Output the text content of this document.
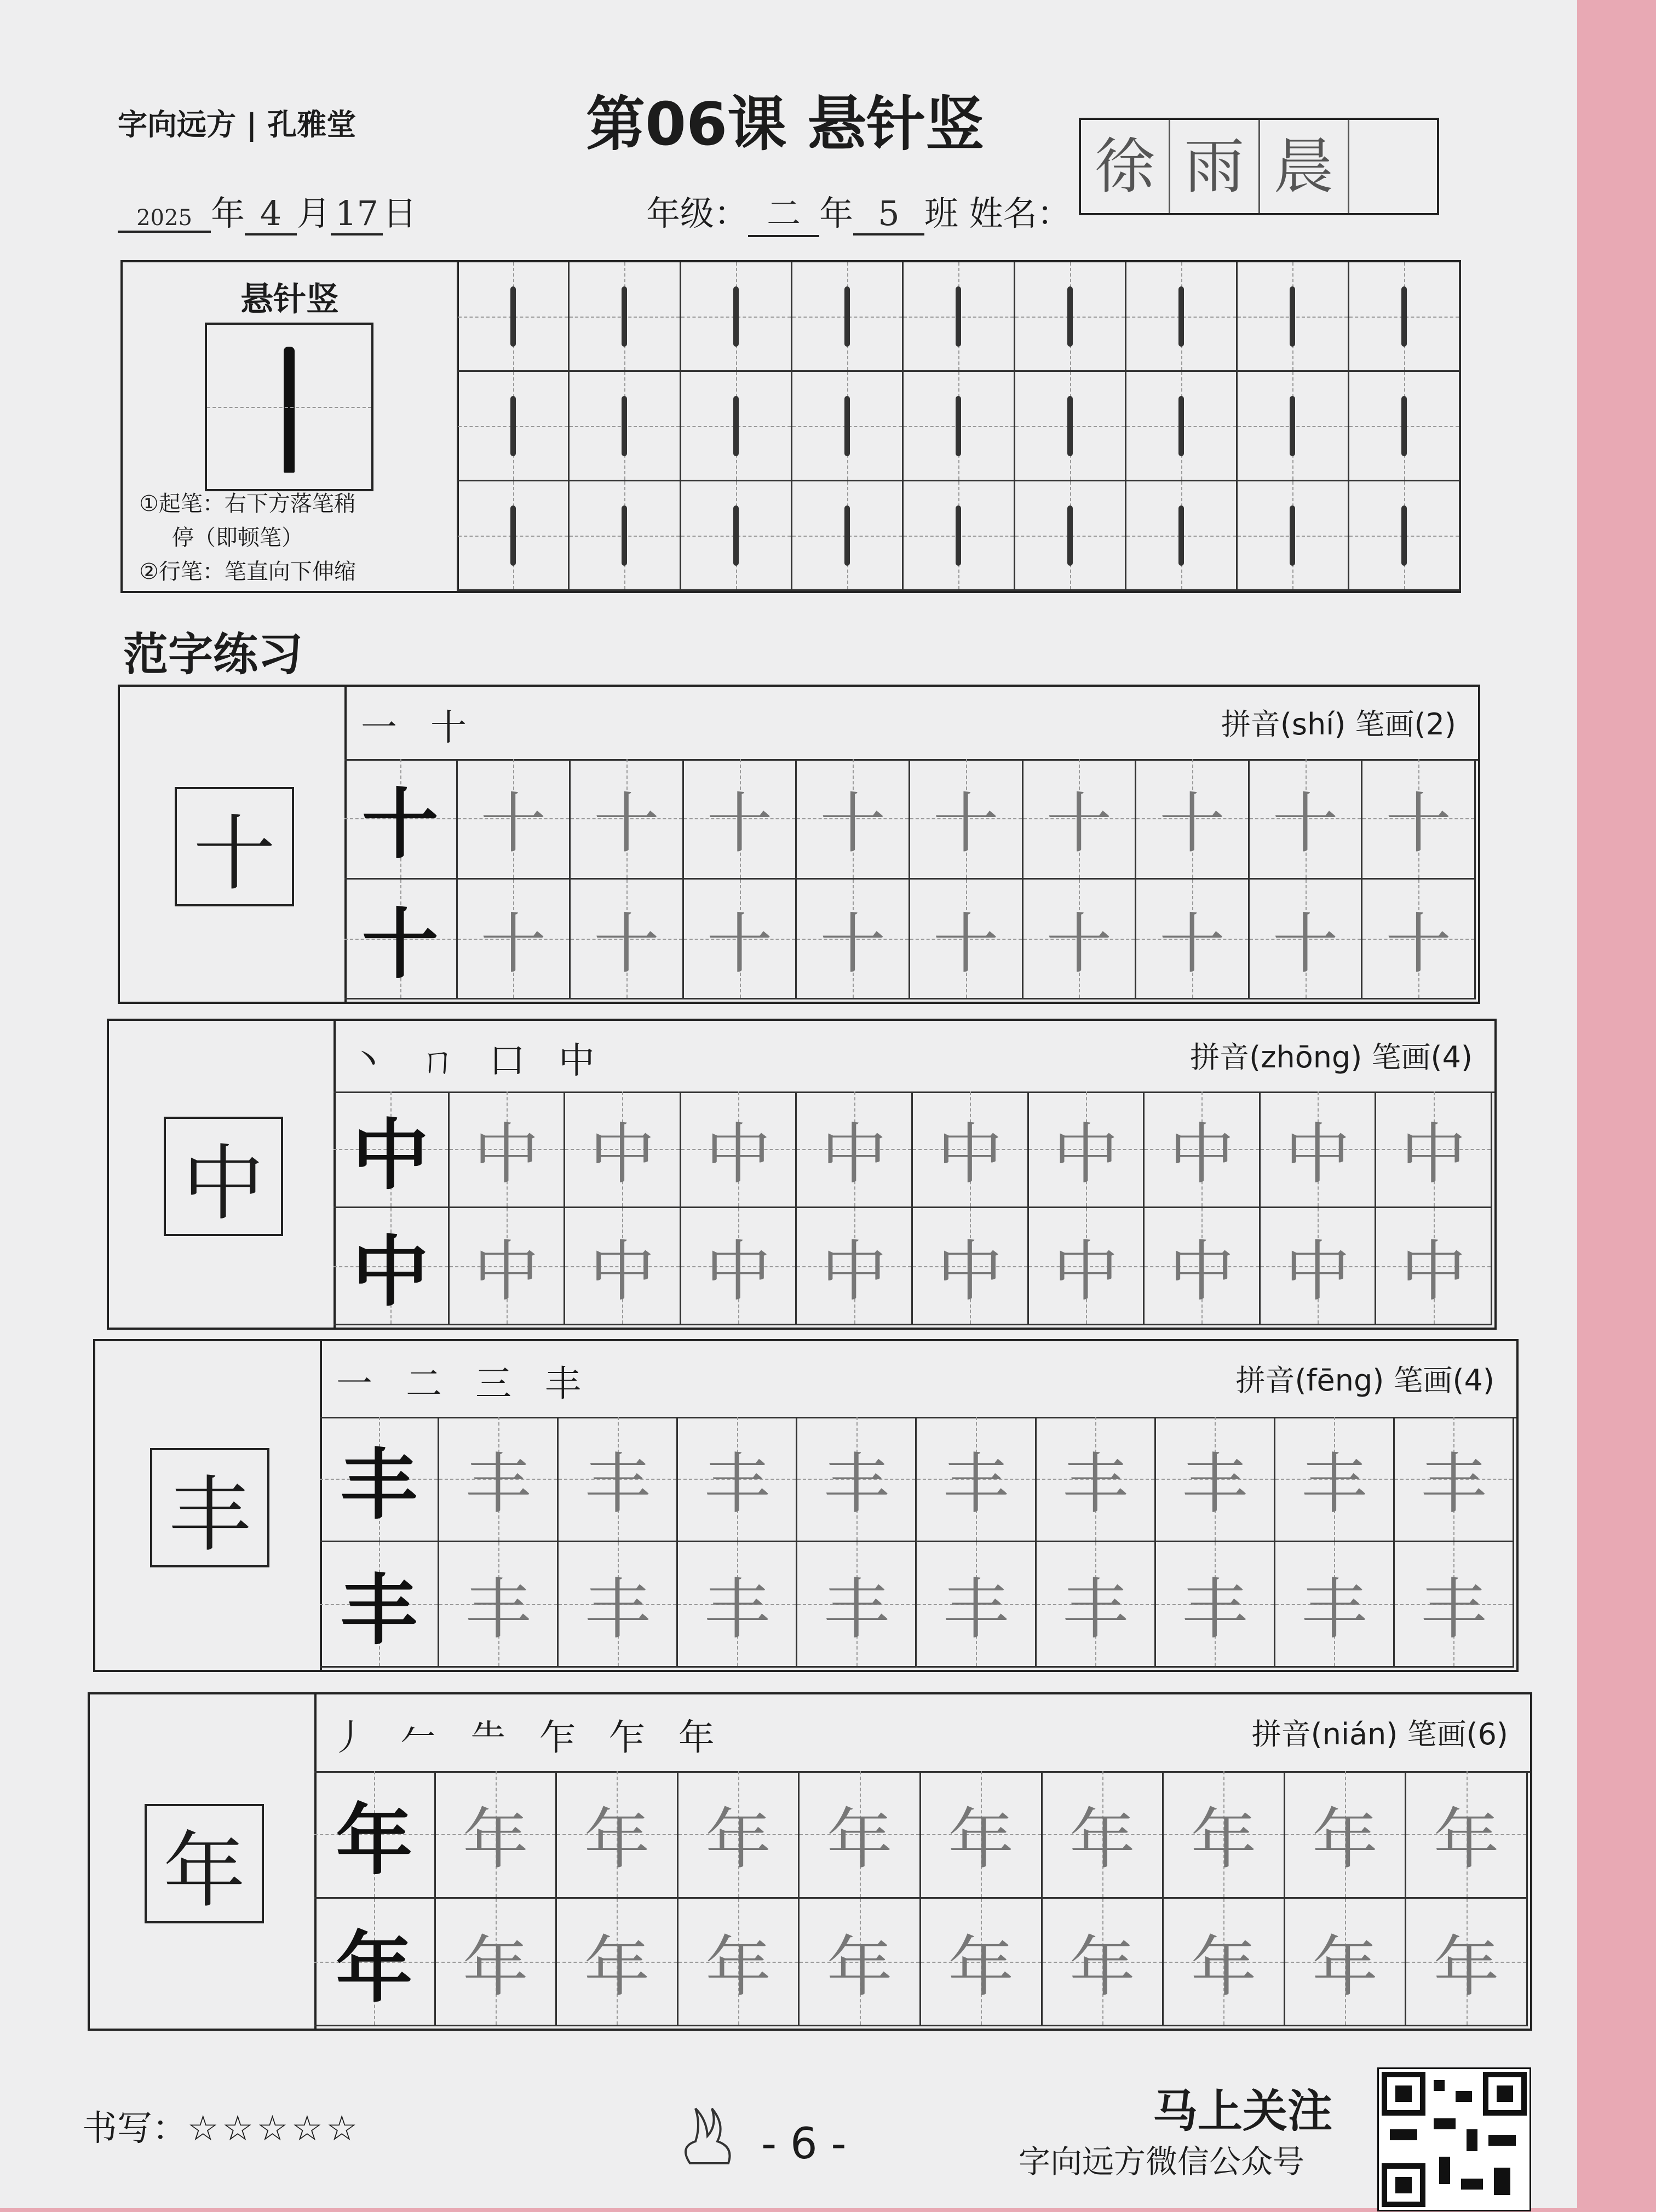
字向远方 | 孔雅堂	第06课 悬针竖
2025 年 4 月 17 日	年级： 二 年 5 班 姓名：
徐 雨 晨
悬针竖
①起笔：右下方落笔稍
停（即顿笔）
②行笔：笔直向下伸缩
范字练习
十
一 十	拼音(shí) 笔画(2)
十 十 十 十 十 十 十 十 十 十
十 十 十 十 十 十 十 十 十 十
中
丶 ㄇ 口 中	拼音(zhōng) 笔画(4)
中 中 中 中 中 中 中 中 中 中
中 中 中 中 中 中 中 中 中 中
丰
一 二 三 丰	拼音(fēng) 笔画(4)
丰 丰 丰 丰 丰 丰 丰 丰 丰 丰
丰 丰 丰 丰 丰 丰 丰 丰 丰 丰
年
丿 𠂉 ⺧ 乍 乍 年	拼音(nián) 笔画(6)
年 年 年 年 年 年 年 年 年 年
年 年 年 年 年 年 年 年 年 年
书写：☆☆☆☆☆	- 6 -
马上关注
字向远方微信公众号
